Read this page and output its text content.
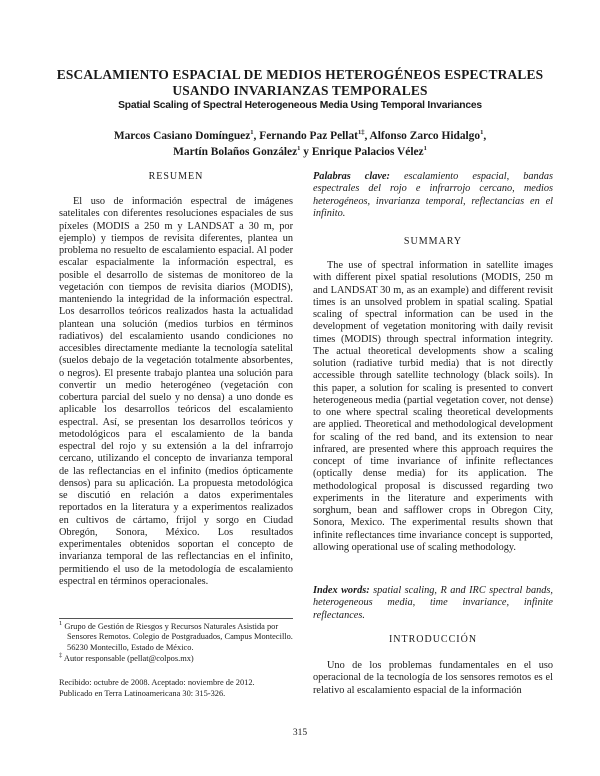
ESCALAMIENTO ESPACIAL DE MEDIOS HETEROGÉNEOS ESPECTRALES
USANDO INVARIANZAS TEMPORALES
Spatial Scaling of Spectral Heterogeneous Media Using Temporal Invariances
Marcos Casiano Domínguez$^1$, Fernando Paz Pellat$^{1\ddagger}$, Alfonso Zarco Hidalgo$^1$,
Martín Bolaños González$^1$ y Enrique Palacios Vélez$^1$
RESUMEN
El uso de información espectral de imágenes satelitales con diferentes resoluciones espaciales de sus píxeles (MODIS a 250 m y LANDSAT a 30 m, por ejemplo) y tiempos de revisita diferentes, plantea un problema no resuelto de escalamiento espacial. Al poder escalar espacialmente la información espectral, es posible el desarrollo de sistemas de monitoreo de la vegetación con tiempos de revisita diarios (MODIS), manteniendo la integridad de la información espectral. Los desarrollos teóricos realizados hasta la actualidad plantean una solución (medios turbios en términos radiativos) del escalamiento usando condiciones no accesibles directamente mediante la tecnología satelital (suelos debajo de la vegetación totalmente absorbentes, o negros). El presente trabajo plantea una solución para convertir un medio heterogéneo (vegetación con cobertura parcial del suelo y no densa) a uno donde es aplicable los desarrollos teóricos del escalamiento espectral. Así, se presentan los desarrollos teóricos y metodológicos para el escalamiento de la banda espectral del rojo y su extensión a la del infrarrojo cercano, utilizando el concepto de invarianza temporal de las reflectancias en el infinito (medios ópticamente densos) para su aplicación. La propuesta metodológica se discutió en relación a datos experimentales reportados en la literatura y a experimentos realizados en cultivos de cártamo, frijol y sorgo en Ciudad Obregón, Sonora, México. Los resultados experimentales obtenidos soportan el concepto de invarianza temporal de las reflectancias en el infinito, permitiendo el uso de la metodología de escalamiento espectral en términos operacionales.
$^1$ Grupo de Gestión de Riesgos y Recursos Naturales Asistida por Sensores Remotos. Colegio de Postgraduados, Campus Montecillo. 56230 Montecillo, Estado de México.
‡ Autor responsable (pellat@colpos.mx)
Recibido: octubre de 2008. Aceptado: noviembre de 2012.
Publicado en Terra Latinoamericana 30: 315-326.
Palabras clave: escalamiento espacial, bandas espectrales del rojo e infrarrojo cercano, medios heterogéneos, invarianza temporal, reflectancias en el infinito.
SUMMARY
The use of spectral information in satellite images with different pixel spatial resolutions (MODIS, 250 m and LANDSAT 30 m, as an example) and different revisit times is an unsolved problem in spatial scaling. Spatial scaling of spectral information can be used in the development of vegetation monitoring with daily revisit times (MODIS) through spectral information integrity. The actual theoretical developments show a scaling solution (radiative turbid media) that is not directly accessible through satellite technology (black soils). In this paper, a solution for scaling is presented to convert heterogeneous media (partial vegetation cover, not dense) to one where spectral scaling theoretical developments are applied. Theoretical and methodological development for scaling of the red band, and its extension to near infrared, are presented where this approach requires the concept of time invariance of infinite reflectances (optically dense media) for its application. The methodological proposal is discussed regarding two experiments in the literature and experiments with sorghum, bean and safflower crops in Obregon City, Sonora, Mexico. The experimental results shown that infinite reflectances time invariance concept is supported, allowing operational use of scaling methodology.
Index words: spatial scaling, R and IRC spectral bands, heterogeneous media, time invariance, infinite reflectances.
INTRODUCCIÓN
Uno de los problemas fundamentales en el uso operacional de la tecnología de los sensores remotos es el relativo al escalamiento espacial de la información
315
